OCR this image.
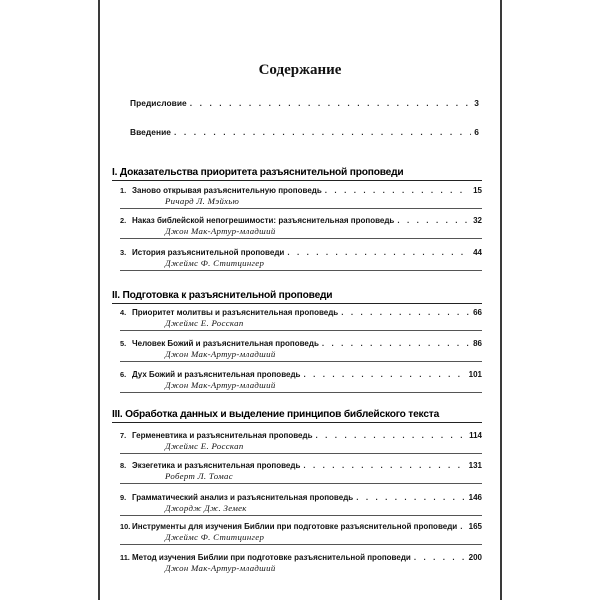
Содержание
Предисловие . . .	3
Введение . . .	6
I. Доказательства приоритета разъяснительной проповеди
1. Заново открывая разъяснительную проповедь . . .	15
Ричард Л. Мэйхью
2. Наказ библейской непогрешимости: разъяснительная проповедь . . .	32
Джон Мак-Артур-младший
3. История разъяснительной проповеди . . .	44
Джеймс Ф. Ститцингер
II. Подготовка к разъяснительной проповеди
4. Приоритет молитвы и разъяснительная проповедь . . .	66
Джеймс Е. Росскап
5. Человек Божий и разъяснительная проповедь . . .	86
Джон Мак-Артур-младший
6. Дух Божий и разъяснительная проповедь . . .	101
Джон Мак-Артур-младший
III. Обработка данных и выделение принципов библейского текста
7. Герменевтика и разъяснительная проповедь . . .	114
Джеймс Е. Росскап
8. Экзегетика и разъяснительная проповедь . . .	131
Роберт Л. Томас
9. Грамматический анализ и разъяснительная проповедь . . .	146
Джордж Дж. Земек
10. Инструменты для изучения Библии при подготовке разъяснительной проповеди . . . 165
Джеймс Ф. Ститцингер
11. Метод изучения Библии при подготовке разъяснительной проповеди . . .	200
Джон Мак-Артур-младший
